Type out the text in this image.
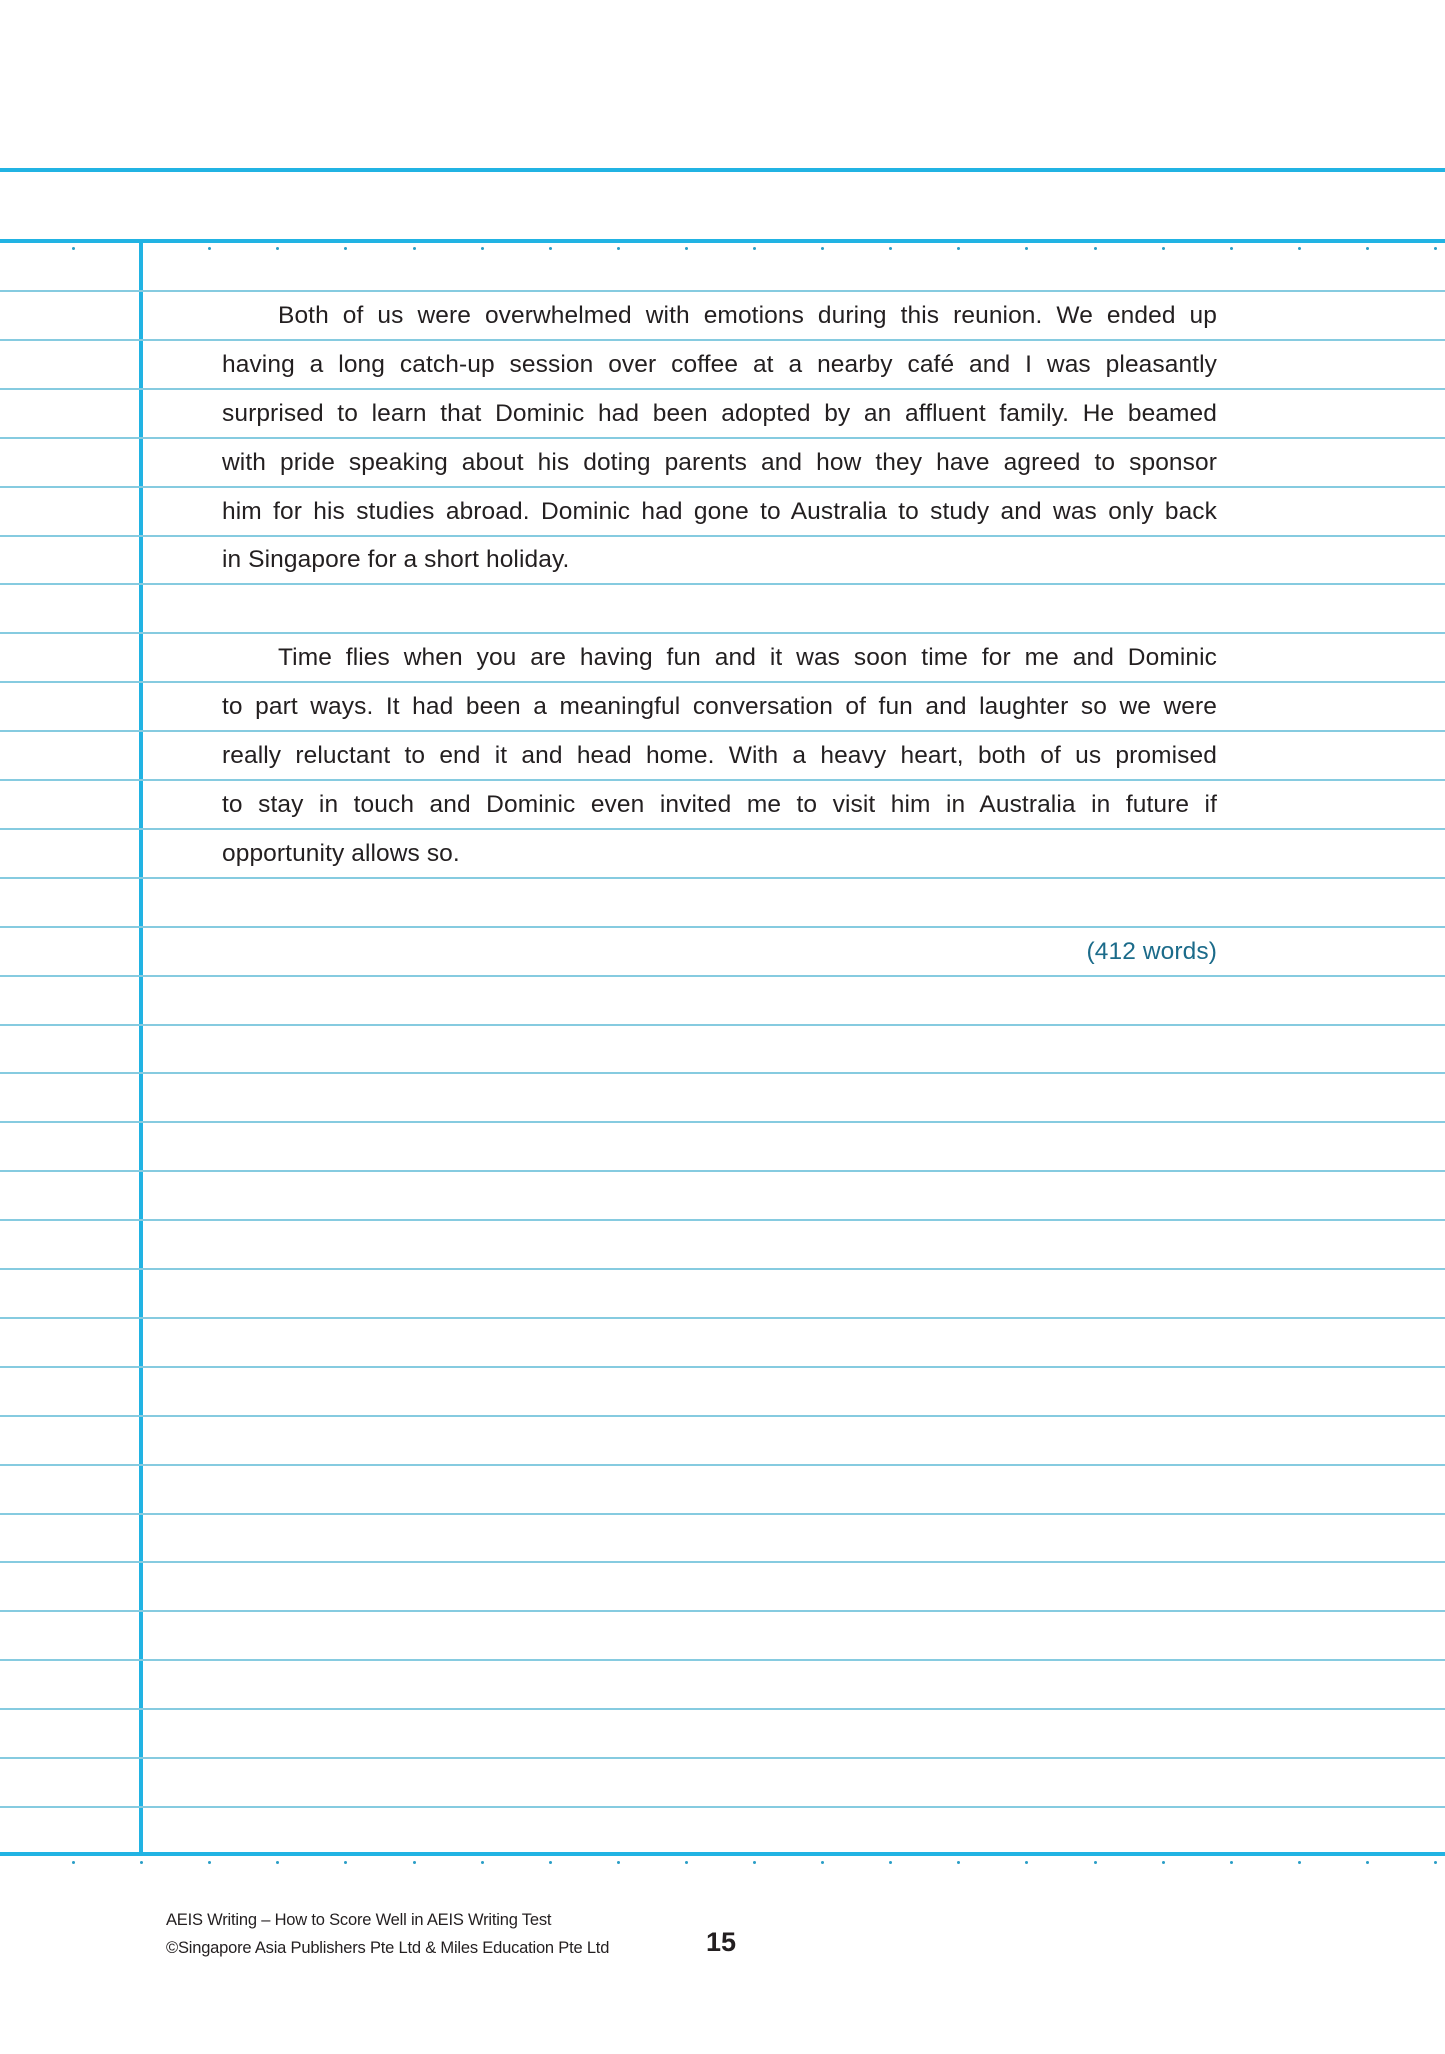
Both of us were overwhelmed with emotions during this reunion. We ended up
having a long catch-up session over coffee at a nearby café and I was pleasantly
surprised to learn that Dominic had been adopted by an affluent family. He beamed
with pride speaking about his doting parents and how they have agreed to sponsor
him for his studies abroad. Dominic had gone to Australia to study and was only back
in Singapore for a short holiday.
Time flies when you are having fun and it was soon time for me and Dominic
to part ways. It had been a meaningful conversation of fun and laughter so we were
really reluctant to end it and head home. With a heavy heart, both of us promised
to stay in touch and Dominic even invited me to visit him in Australia in future if
opportunity allows so.
(412 words)
AEIS Writing – How to Score Well in AEIS Writing Test
©Singapore Asia Publishers Pte Ltd & Miles Education Pte Ltd	15
